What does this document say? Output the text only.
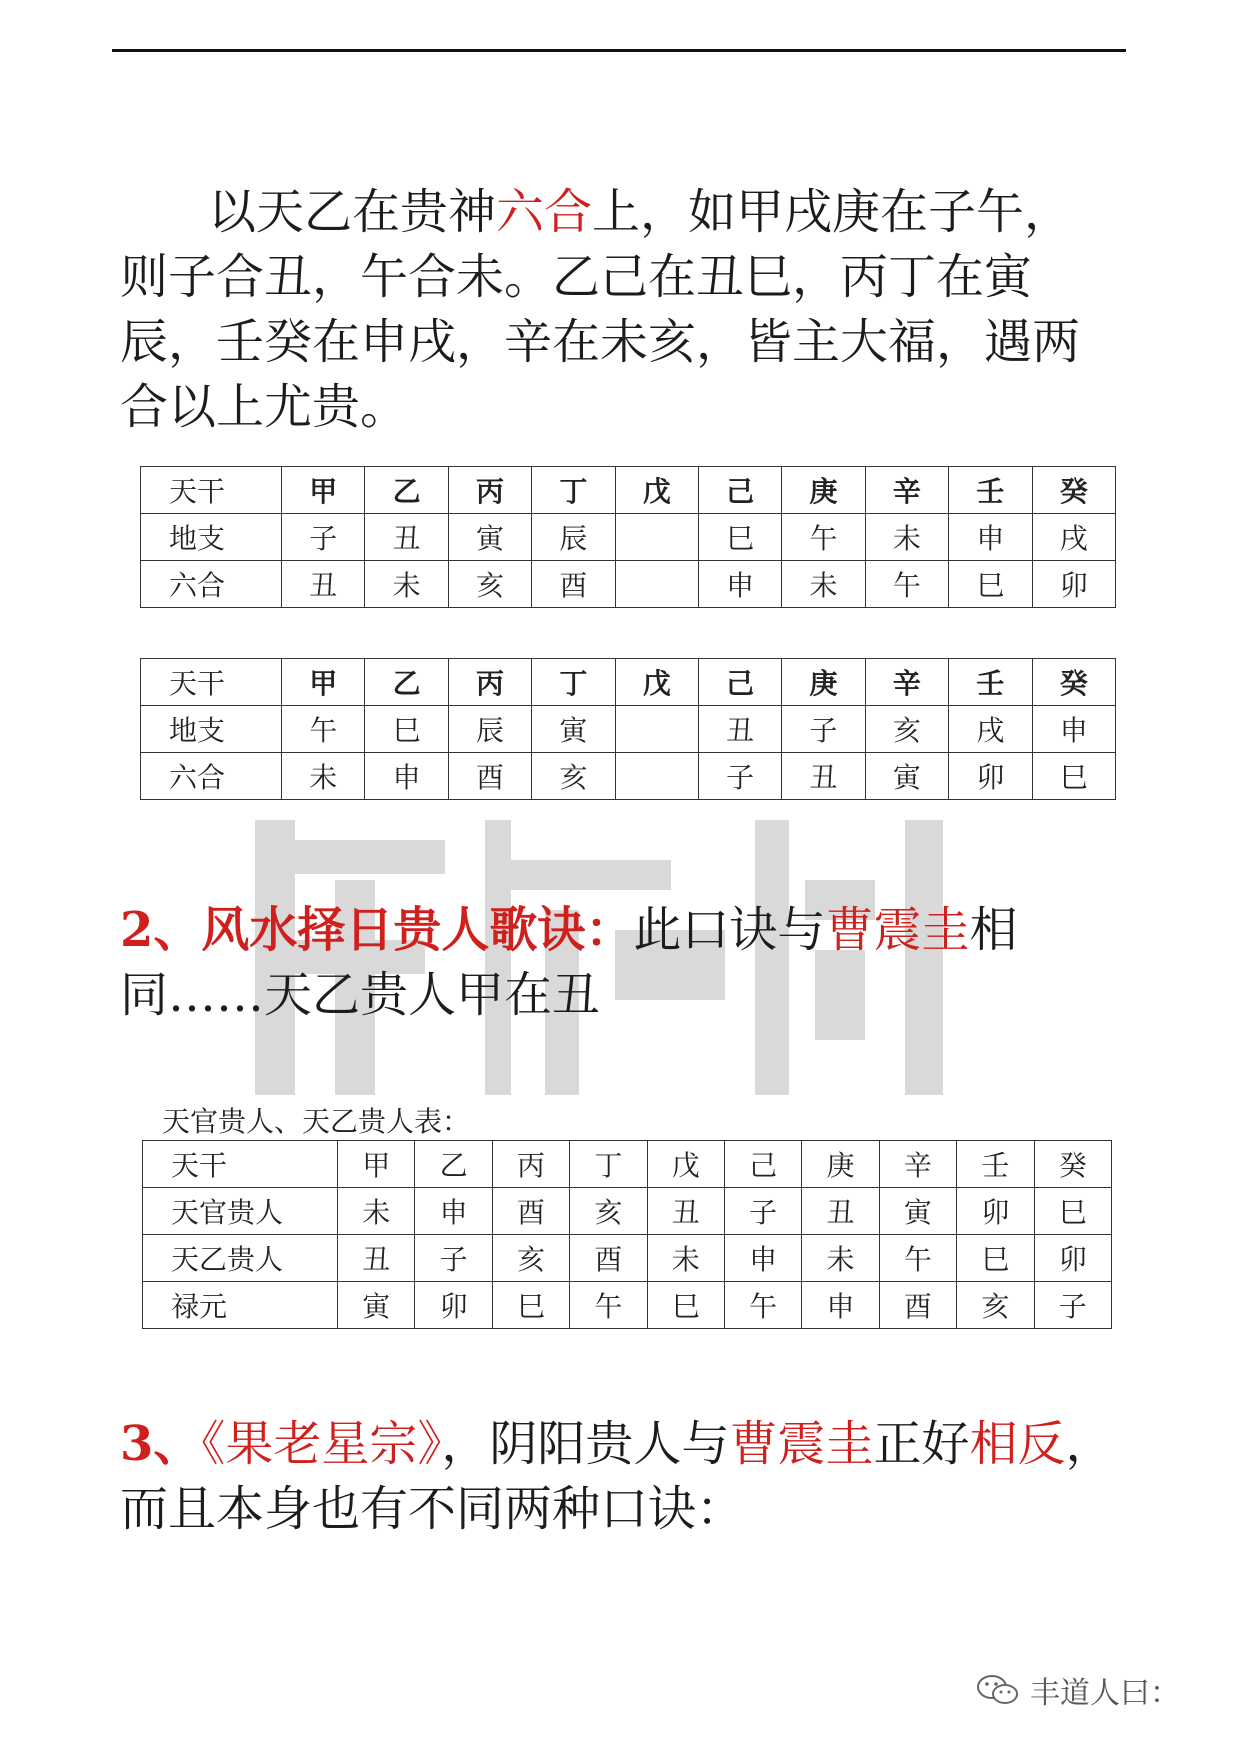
以天乙在贵神六合上，如甲戌庚在子午，则子合丑，午合未。乙己在丑巳，丙丁在寅辰，壬癸在申戌，辛在未亥，皆主大福，遇两合以上尤贵。

天干	甲	乙	丙	丁	戊	己	庚	辛	壬	癸
地支	子	丑	寅	辰		巳	午	未	申	戌
六合	丑	未	亥	酉		申	未	午	巳	卯
天干	甲	乙	丙	丁	戊	己	庚	辛	壬	癸
地支	午	巳	辰	寅		丑	子	亥	戌	申
六合	未	申	酉	亥		子	丑	寅	卯	巳

2、风水择日贵人歌诀：此口诀与曹震圭相同……天乙贵人甲在丑

天官贵人、天乙贵人表：
天干	甲	乙	丙	丁	戊	己	庚	辛	壬	癸
天官贵人	未	申	酉	亥	丑	子	丑	寅	卯	巳
天乙贵人	丑	子	亥	酉	未	申	未	午	巳	卯
禄元	寅	卯	巳	午	巳	午	申	酉	亥	子

3、《果老星宗》，阴阳贵人与曹震圭正好相反，而且本身也有不同两种口诀：

丰道人曰：
